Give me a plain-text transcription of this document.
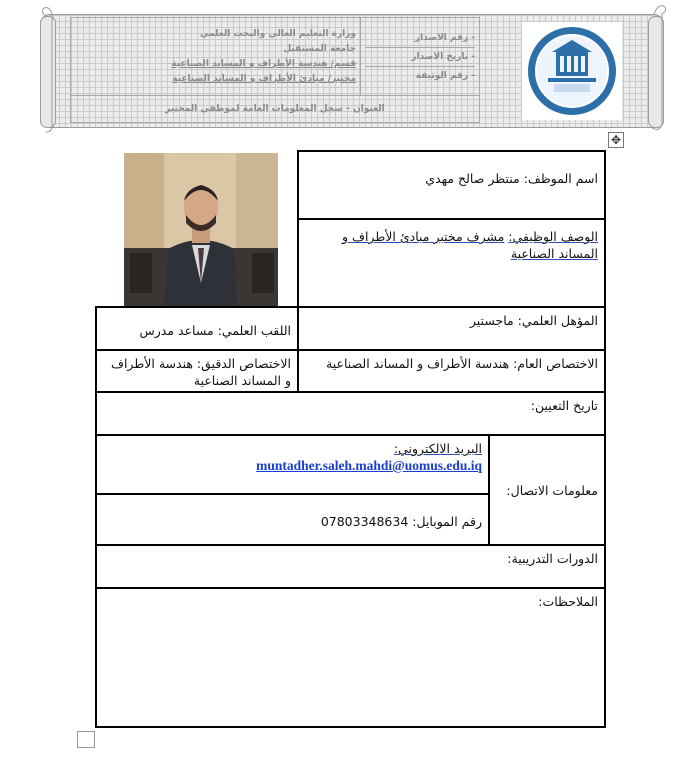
وزارة التعليم العالي والبحث العلمي
جامعة المستقبل
قسم/ هندسة الأطراف و المساند الصناعية
مختبر/ مبادئ الأطراف و المساند الصناعية

رقم الاصدار -
تاريخ الاصدار -
رقم الوثيقة -

العنوان - سجل المعلومات العامة لموظفي المختبر
✥
اسم الموظف: منتظر صالح مهدي
الوصف الوظيفي: مشرف مختبر مبادئ الأطراف و المساند الصناعية
المؤهل العلمي: ماجستير
اللقب العلمي: مساعد مدرس
الاختصاص العام: هندسة الأطراف و المساند الصناعية
الاختصاص الدقيق: هندسة الأطراف و المساند الصناعية
تاريخ التعيين:
معلومات الاتصال:
البريد الالكتروني:
muntadher.saleh.mahdi@uomus.edu.iq
رقم الموبايل: 07803348634
الدورات التدريبية:
الملاحظات:
